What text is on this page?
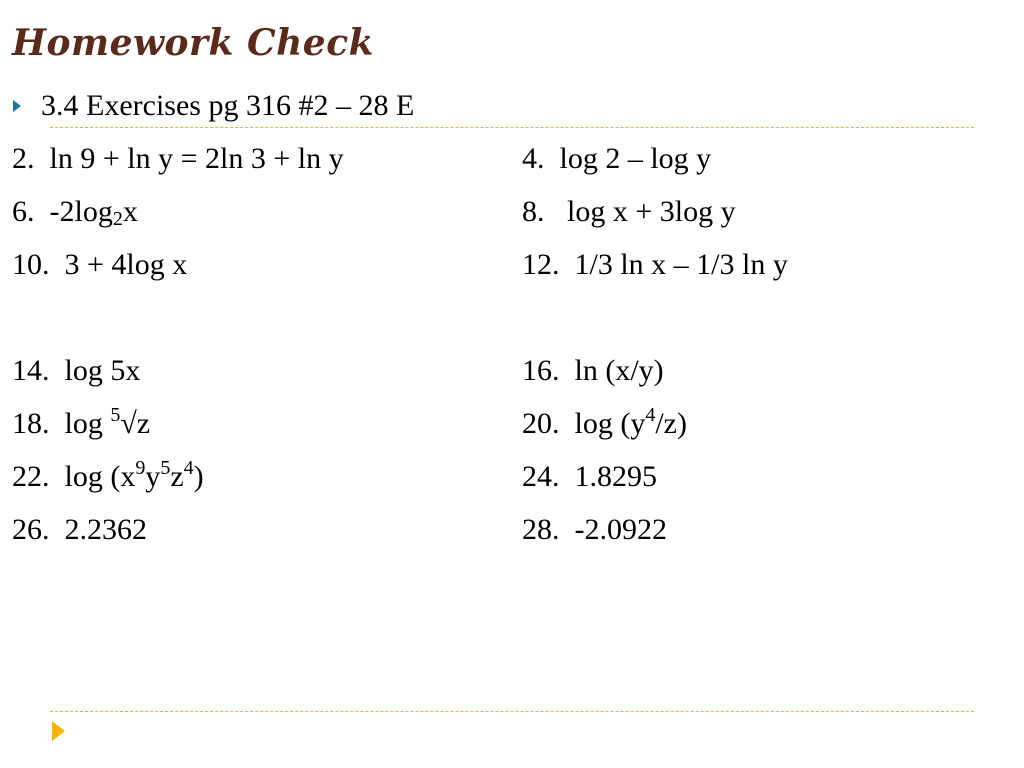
Homework Check
3.4 Exercises pg 316 #2 – 28 E
2. ln 9 + ln y = 2ln 3 + ln y	4. log 2 – log y
6. $-2\log_2x$	8. log x + 3log y
10. 3 + 4log x	12. 1/3 ln x – 1/3 ln y
14. log 5x	16. ln (x/y)
18. log $^5$√z	20. $\log (y^4/z)$
22. $\log (x^9y^5z^4)$	24. 1.8295
26. 2.2362	28. -2.0922
